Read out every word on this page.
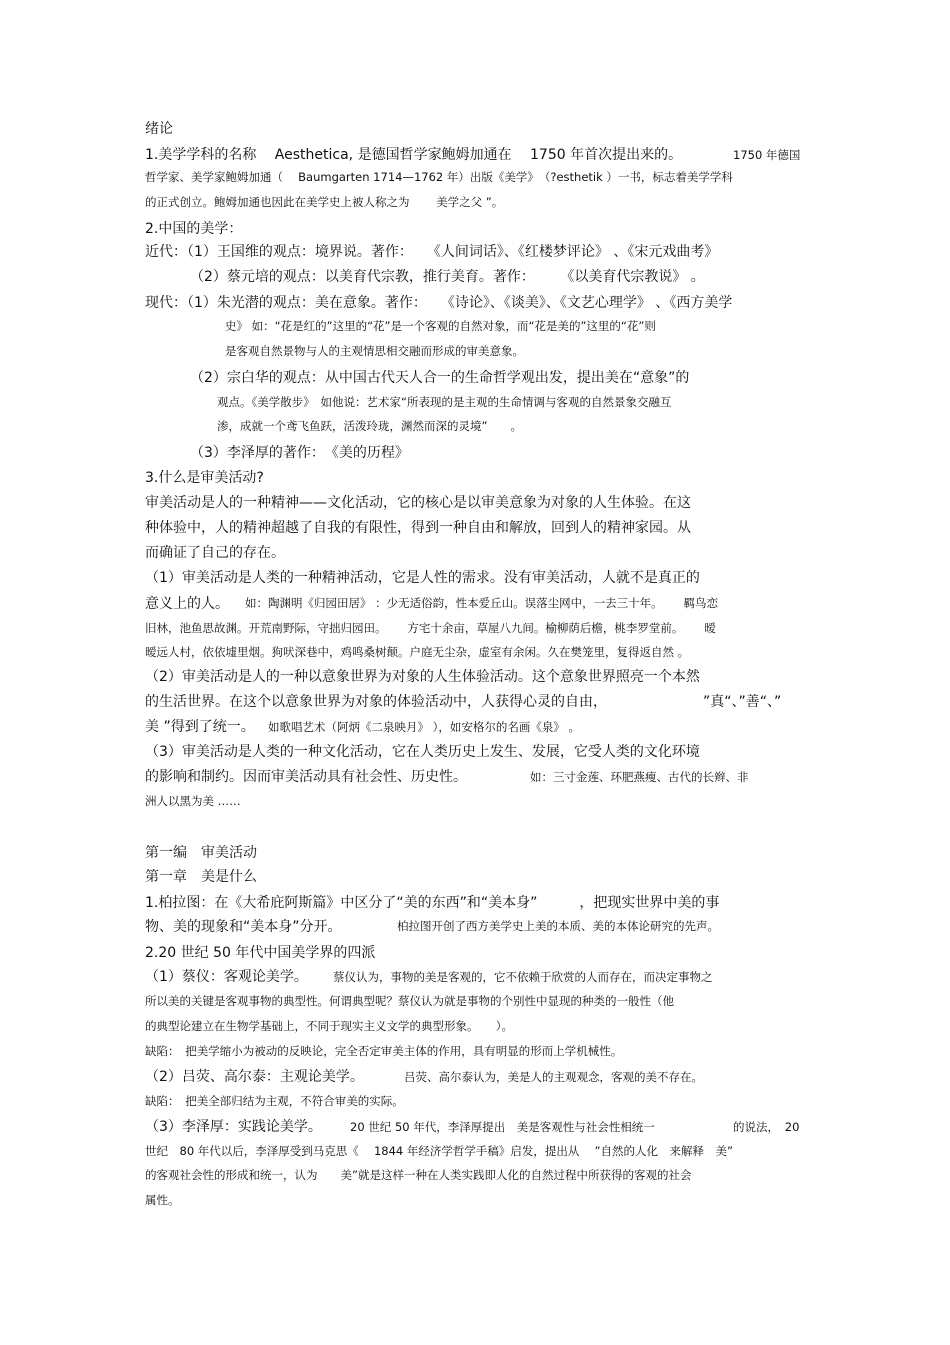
绪论
1.美学学科的名称　 Aesthetica, 是德国哲学家鲍姆加通在　 1750 年首次提出来的。	1750 年德国
哲学家、美学家鲍姆加通（　 Baumgarten 1714—1762 年）出版《美学》　（?esthetik ）一书，标志着美学学科
的正式创立。鲍姆加通也因此在美学史上被人称之为　　 美学之父 ”。
2.中国的美学：
近代：（1）王国维的观点：境界说。著作：　　《人间词话》、《红楼梦评论》 、《宋元戏曲考》
（2）蔡元培的观点：以美育代宗教，推行美育。著作：　　 《以美育代宗教说》 。
现代：（1）朱光潜的观点：美在意象。著作：　　《诗论》、《谈美》、《文艺心理学》 、《西方美学
史》 如：“花是红的”这里的“花”是一个客观的自然对象，而“花是美的”这里的“花”则
是客观自然景物与人的主观情思相交融而形成的审美意象。
（2）宗白华的观点：从中国古代天人合一的生命哲学观出发，提出美在“意象”的
观点。《美学散步》　如他说：艺术家“所表现的是主观的生命情调与客观的自然景象交融互
渗，成就一个鸢飞鱼跃，活泼玲珑，渊然而深的灵境”　　。
（3）李泽厚的著作：　《美的历程》
3.什么是审美活动?
审美活动是人的一种精神——文化活动，它的核心是以审美意象为对象的人生体验。在这
种体验中，人的精神超越了自我的有限性，得到一种自由和解放，回到人的精神家园。从
而确证了自己的存在。
（1）审美活动是人类的一种精神活动，它是人性的需求。没有审美活动，人就不是真正的
意义上的人。 如：陶渊明《归园田居》 ：少无适俗韵，性本爱丘山。误落尘网中，一去三十年。　　 羁鸟恋
旧林，池鱼思故渊。开荒南野际，守拙归园田。　　 方宅十余亩，草屋八九间。榆柳荫后檐，桃李罗堂前。　　 暧
暧远人村，依依墟里烟。狗吠深巷中，鸡鸣桑树颠。户庭无尘杂，虚室有余闲。久在樊笼里，复得返自然 。
（2）审美活动是人的一种以意象世界为对象的人生体验活动。这个意象世界照亮一个本然
的生活世界。在这个以意象世界为对象的体验活动中，人获得心灵的自由，	”真“、”善“、”
美 ”得到了统一。 如歌唱艺术（阿炳《二泉映月》 ），如安格尔的名画《泉》 。
（3）审美活动是人类的一种文化活动，它在人类历史上发生、发展，它受人类的文化环境
的影响和制约。因而审美活动具有社会性、历史性。	如：三寸金莲、环肥燕瘦、古代的长辫、非
洲人以黑为美 ……
第一编　审美活动
第一章　美是什么
1.柏拉图：在《大希庇阿斯篇》中区分了“美的东西”和“美本身”　　　，把现实世界中美的事
物、美的现象和“美本身”分开。	柏拉图开创了西方美学史上美的本质、美的本体论研究的先声。
2.20 世纪 50 年代中国美学界的四派
（1）蔡仪：客观论美学。 蔡仪认为，事物的美是客观的，它不依赖于欣赏的人而存在，而决定事物之
所以美的关键是客观事物的典型性。何谓典型呢？蔡仪认为就是事物的个别性中显现的种类的一般性（他
的典型论建立在生物学基础上，不同于现实主义文学的典型形象。　　）。
缺陷：　把美学缩小为被动的反映论，完全否定审美主体的作用，具有明显的形而上学机械性。
（2）吕荧、高尔泰：主观论美学。	吕荧、高尔泰认为，美是人的主观观念，客观的美不存在。
缺陷：　把美全部归结为主观，不符合审美的实际。
（3）李泽厚：实践论美学。 20 世纪 50 年代，李泽厚提出　美是客观性与社会性相统一	的说法，　20
世纪　80 年代以后，李泽厚受到马克思《　 1844 年经济学哲学手稿》启发，提出从　 ”自然的人化　来解释　美”
的客观社会性的形成和统一，认为　　美”就是这样一种在人类实践即人化的自然过程中所获得的客观的社会
属性。
